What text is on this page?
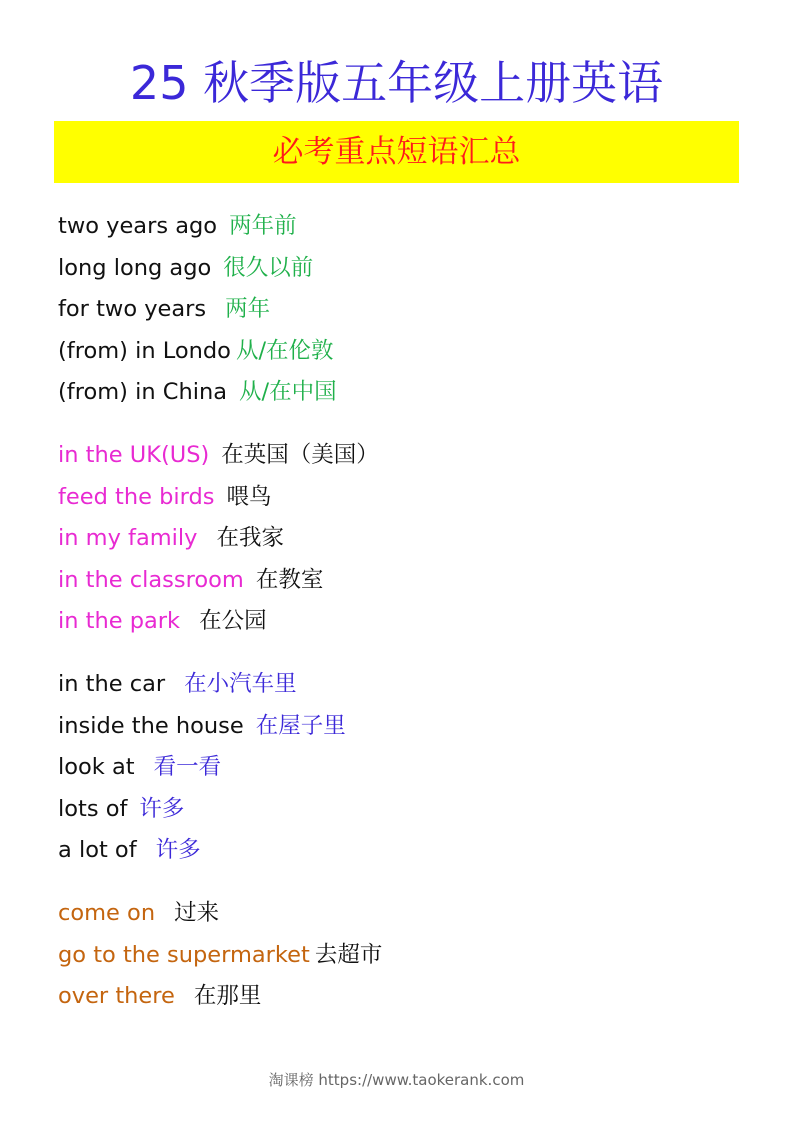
25 秋季版五年级上册英语
必考重点短语汇总
two years ago 两年前
long long ago 很久以前
for two years 两年
(from) in Londo 从/在伦敦
(from) in China 从/在中国
in the UK(US) 在英国（美国）
feed the birds 喂鸟
in my family 在我家
in the classroom 在教室
in the park 在公园
in the car 在小汽车里
inside the house 在屋子里
look at 看一看
lots of 许多
a lot of 许多
come on 过来
go to the supermarket 去超市
over there 在那里
淘课榜 https://www.taokerank.com
